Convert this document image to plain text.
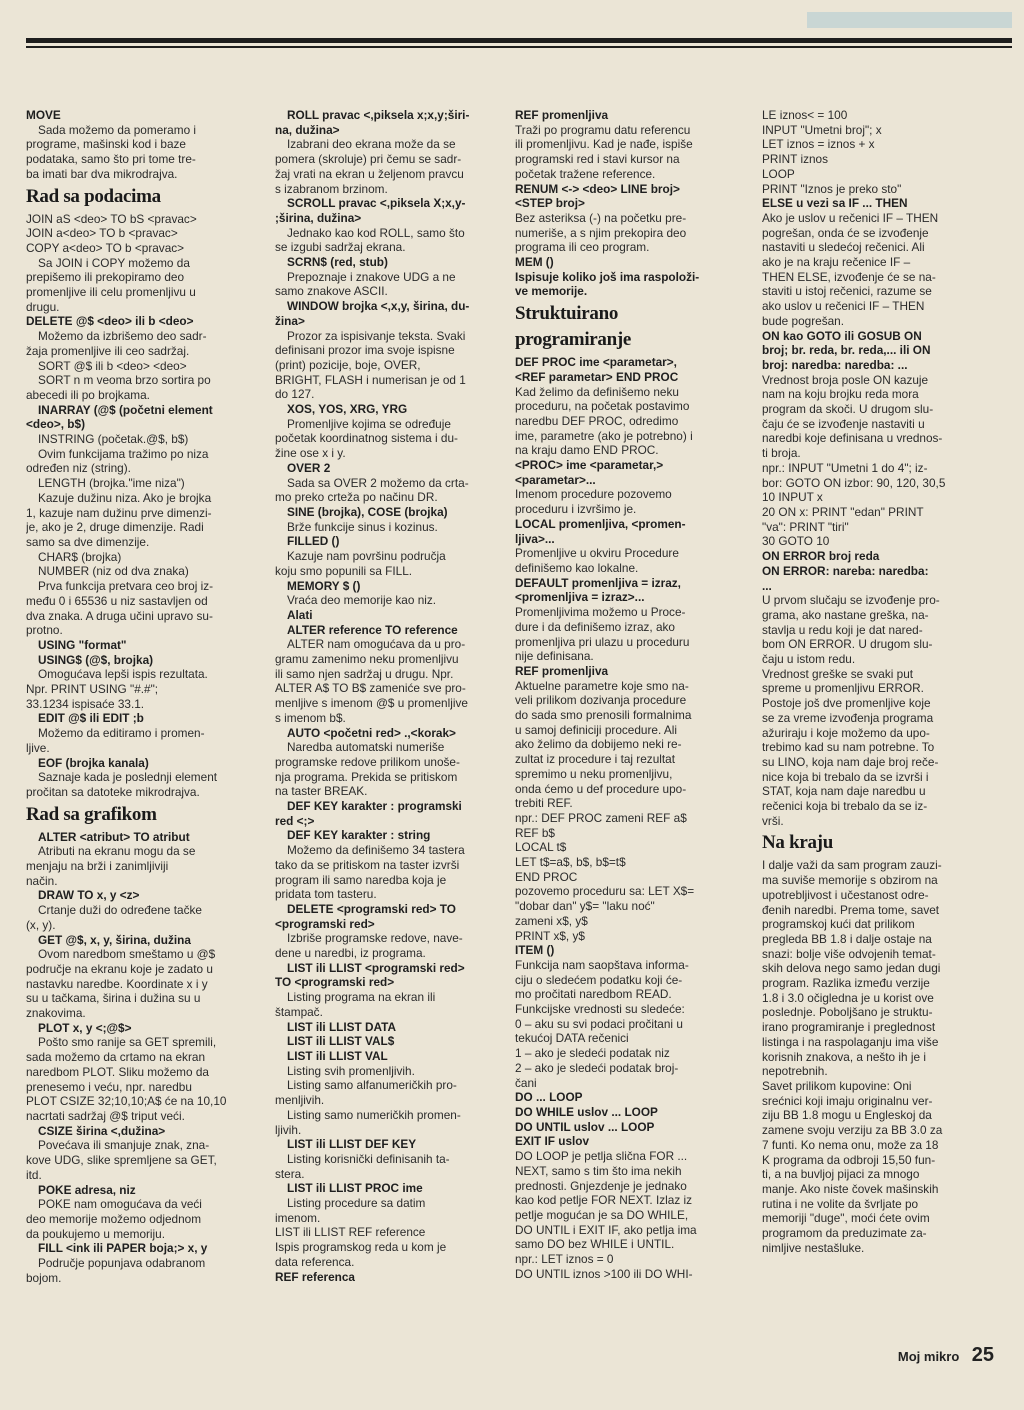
MOVE

Sada možemo da pomeramo i

programe, mašinski kod i baze

podataka, samo što pri tome tre-

ba imati bar dva mikrodrajva.

Rad sa podacima

JOIN aS <deo> TO bS <pravac>

JOIN a<deo> TO b <pravac>

COPY a<deo> TO b <pravac>

Sa JOIN i COPY možemo da

prepišemo ili prekopiramo deo

promenljive ili celu promenljivu u

drugu.

DELETE @$ <deo> ili b <deo>

Možemo da izbrišemo deo sadr-

žaja promenljive ili ceo sadržaj.

SORT @$ ili b <deo> <deo>

SORT n m veoma brzo sortira po

abecedi ili po brojkama.

INARRAY (@$ (početni element

<deo>, b$)

INSTRING (početak.@$, b$)

Ovim funkcijama tražimo po niza

određen niz (string).

LENGTH (brojka."ime niza")

Kazuje dužinu niza. Ako je brojka

1, kazuje nam dužinu prve dimenzi-

je, ako je 2, druge dimenzije. Radi

samo sa dve dimenzije.

CHAR$ (brojka)

NUMBER (niz od dva znaka)

Prva funkcija pretvara ceo broj iz-

među 0 i 65536 u niz sastavljen od

dva znaka. A druga učini upravo su-

protno.

USING "format"

USING$ (@$, brojka)

Omogućava lepši ispis rezultata.

Npr. PRINT USING "#.#";

33.1234 ispisaće 33.1.

EDIT @$ ili EDIT ;b

Možemo da editiramo i promen-

ljive.

EOF (brojka kanala)

Saznaje kada je poslednji element

pročitan sa datoteke mikrodrajva.

Rad sa grafikom

ALTER <atribut> TO atribut

Atributi na ekranu mogu da se

menjaju na brži i zanimljiviji

način.

DRAW TO x, y <z>

Crtanje duži do određene tačke

(x, y).

GET @$, x, y, širina, dužina

Ovom naredbom smeštamo u @$

područje na ekranu koje je zadato u

nastavku naredbe. Koordinate x i y

su u tačkama, širina i dužina su u

znakovima.

PLOT x, y <;@$>

Pošto smo ranije sa GET spremili,

sada možemo da crtamo na ekran

naredbom PLOT. Sliku možemo da

prenesemo i veću, npr. naredbu

PLOT CSIZE 32;10,10;A$ će na 10,10

nacrtati sadržaj @$ triput veći.

CSIZE širina <,dužina>

Povećava ili smanjuje znak, zna-

kove UDG, slike spremljene sa GET,

itd.

POKE adresa, niz

POKE nam omogućava da veći

deo memorije možemo odjednom

da poukujemo u memoriju.

FILL <ink ili PAPER boja;> x, y

Područje popunjava odabranom

bojom.

ROLL pravac <,piksela x;x,y;širi-

na, dužina>

Izabrani deo ekrana može da se

pomera (skroluje) pri čemu se sadr-

žaj vrati na ekran u željenom pravcu

s izabranom brzinom.

SCROLL pravac <,piksela X;x,y-

;širina, dužina>

Jednako kao kod ROLL, samo što

se izgubi sadržaj ekrana.

SCRN$ (red, stub)

Prepoznaje i znakove UDG a ne

samo znakove ASCII.

WINDOW brojka <,x,y, širina, du-

žina>

Prozor za ispisivanje teksta. Svaki

definisani prozor ima svoje ispisne

(print) pozicije, boje, OVER,

BRIGHT, FLASH i numerisan je od 1

do 127.

XOS, YOS, XRG, YRG

Promenljive kojima se određuje

početak koordinatnog sistema i du-

žine ose x i y.

OVER 2

Sada sa OVER 2 možemo da crta-

mo preko crteža po načinu DR.

SINE (brojka), COSE (brojka)

Brže funkcije sinus i kozinus.

FILLED ()

Kazuje nam površinu područja

koju smo popunili sa FILL.

MEMORY $ ()

Vraća deo memorije kao niz.

Alati

ALTER reference TO reference

ALTER nam omogućava da u pro-

gramu zamenimo neku promenljivu

ili samo njen sadržaj u drugu. Npr.

ALTER A$ TO B$ zameniće sve pro-

menljive s imenom @$ u promenljive

s imenom b$.

AUTO <početni red> .,<korak>

Naredba automatski numeriše

programske redove prilikom unoše-

nja programa. Prekida se pritiskom

na taster BREAK.

DEF KEY karakter : programski

red <;>

DEF KEY karakter : string

Možemo da definišemo 34 tastera

tako da se pritiskom na taster izvrši

program ili samo naredba koja je

pridata tom tasteru.

DELETE <programski red> TO

<programski red>

Izbriše programske redove, nave-

dene u naredbi, iz programa.

LIST ili LLIST <programski red>

TO <programski red>

Listing programa na ekran ili

štampač.

LIST ili LLIST DATA

LIST ili LLIST VAL$

LIST ili LLIST VAL

Listing svih promenljivih.

Listing samo alfanumeričkih pro-

menljivih.

Listing samo numeričkih promen-

ljivih.

LIST ili LLIST DEF KEY

Listing korisnički definisanih ta-

stera.

LIST ili LLIST PROC ime

Listing procedure sa datim

imenom.

LIST ili LLIST REF reference

Ispis programskog reda u kom je

data referenca.

REF referenca

REF promenljiva

Traži po programu datu referencu

ili promenljivu. Kad je nađe, ispiše

programski red i stavi kursor na

početak tražene reference.

RENUM <-> <deo> LINE broj>

<STEP broj>

Bez asteriksa (-) na početku pre-

numeriše, a s njim prekopira deo

programa ili ceo program.

MEM ()

Ispisuje koliko još ima raspoloži-

ve memorije.

Struktuirano
programiranje

DEF PROC ime <parametar>,

<REF parametar> END PROC

Kad želimo da definišemo neku

proceduru, na početak postavimo

naredbu DEF PROC, odredimo

ime, parametre (ako je potrebno) i

na kraju damo END PROC.

<PROC> ime <parametar,>

<parametar>...

Imenom procedure pozovemo

proceduru i izvršimo je.

LOCAL promenljiva, <promen-

ljiva>...

Promenljive u okviru Procedure

definišemo kao lokalne.

DEFAULT promenljiva = izraz,

<promenljiva = izraz>...

Promenljivima možemo u Proce-

dure i da definišemo izraz, ako

promenljiva pri ulazu u proceduru

nije definisana.

REF promenljiva

Aktuelne parametre koje smo na-

veli prilikom dozivanja procedure

do sada smo prenosili formalnima

u samoj definiciji procedure. Ali

ako želimo da dobijemo neki re-

zultat iz procedure i taj rezultat

spremimo u neku promenljivu,

onda ćemo u def procedure upo-

trebiti REF.

npr.: DEF PROC zameni REF a$

REF b$

LOCAL t$

LET t$=a$, b$, b$=t$

END PROC

pozovemo proceduru sa: LET X$=

"dobar dan" y$= "laku noć"

zameni x$, y$

PRINT x$, y$

ITEM ()

Funkcija nam saopštava informa-

ciju o sledećem podatku koji će-

mo pročitati naredbom READ.

Funkcijske vrednosti su sledeće:

0 – aku su svi podaci pročitani u

tekućoj DATA rečenici

1 – ako je sledeći podatak niz

2 – ako je sledeći podatak broj-

čani

DO ... LOOP

DO WHILE uslov ... LOOP

DO UNTIL uslov ... LOOP

EXIT IF uslov

DO LOOP je petlja slična FOR ...

NEXT, samo s tim što ima nekih

prednosti. Gnjezdenje je jednako

kao kod petlje FOR NEXT. Izlaz iz

petlje mogućan je sa DO WHILE,

DO UNTIL i EXIT IF, ako petlja ima

samo DO bez WHILE i UNTIL.

npr.: LET iznos = 0

DO UNTIL iznos >100 ili DO WHI-

LE iznos< = 100

INPUT "Umetni broj"; x

LET iznos = iznos + x

PRINT iznos

LOOP

PRINT "Iznos je preko sto"

ELSE u vezi sa IF ... THEN

Ako je uslov u rečenici IF – THEN

pogrešan, onda će se izvođenje

nastaviti u sledećoj rečenici. Ali

ako je na kraju rečenice IF –

THEN ELSE, izvođenje će se na-

staviti u istoj rečenici, razume se

ako uslov u rečenici IF – THEN

bude pogrešan.

ON kao GOTO ili GOSUB ON

broj; br. reda, br. reda,... ili ON

broj: naredba: naredba: ...

Vrednost broja posle ON kazuje

nam na koju brojku reda mora

program da skoči. U drugom slu-

čaju će se izvođenje nastaviti u

naredbi koje definisana u vrednos-

ti broja.

npr.: INPUT "Umetni 1 do 4"; iz-

bor: GOTO ON izbor: 90, 120, 30,5

10 INPUT x

20 ON x: PRINT "edan" PRINT

"va": PRINT "tiri"

30 GOTO 10

ON ERROR broj reda

ON ERROR: nareba: naredba:

...

U prvom slučaju se izvođenje pro-

grama, ako nastane greška, na-

stavlja u redu koji je dat nared-

bom ON ERROR. U drugom slu-

čaju u istom redu.

Vrednost greške se svaki put

spreme u promenljivu ERROR.

Postoje još dve promenljive koje

se za vreme izvođenja programa

ažuriraju i koje možemo da upo-

trebimo kad su nam potrebne. To

su LINO, koja nam daje broj reče-

nice koja bi trebalo da se izvrši i

STAT, koja nam daje naredbu u

rečenici koja bi trebalo da se iz-

vrši.

Na kraju

I dalje važi da sam program zauzi-

ma suviše memorije s obzirom na

upotrebljivost i učestanost odre-

đenih naredbi. Prema tome, savet

programskoj kući dat prilikom

pregleda BB 1.8 i dalje ostaje na

snazi: bolje više odvojenih temat-

skih delova nego samo jedan dugi

program. Razlika između verzije

1.8 i 3.0 očigledna je u korist ove

poslednje. Poboljšano je struktu-

irano programiranje i preglednost

listinga i na raspolaganju ima više

korisnih znakova, a nešto ih je i

nepotrebnih.

Savet prilikom kupovine: Oni

srećnici koji imaju originalnu ver-

ziju BB 1.8 mogu u Engleskoj da

zamene svoju verziju za BB 3.0 za

7 funti. Ko nema onu, može za 18

K programa da odbroji 15,50 fun-

ti, a na buvljoj pijaci za mnogo

manje. Ako niste čovek mašinskih

rutina i ne volite da švrljate po

memoriji "duge", moći ćete ovim

programom da preduzimate za-

nimljive nestašluke.

Moj mikro 25
